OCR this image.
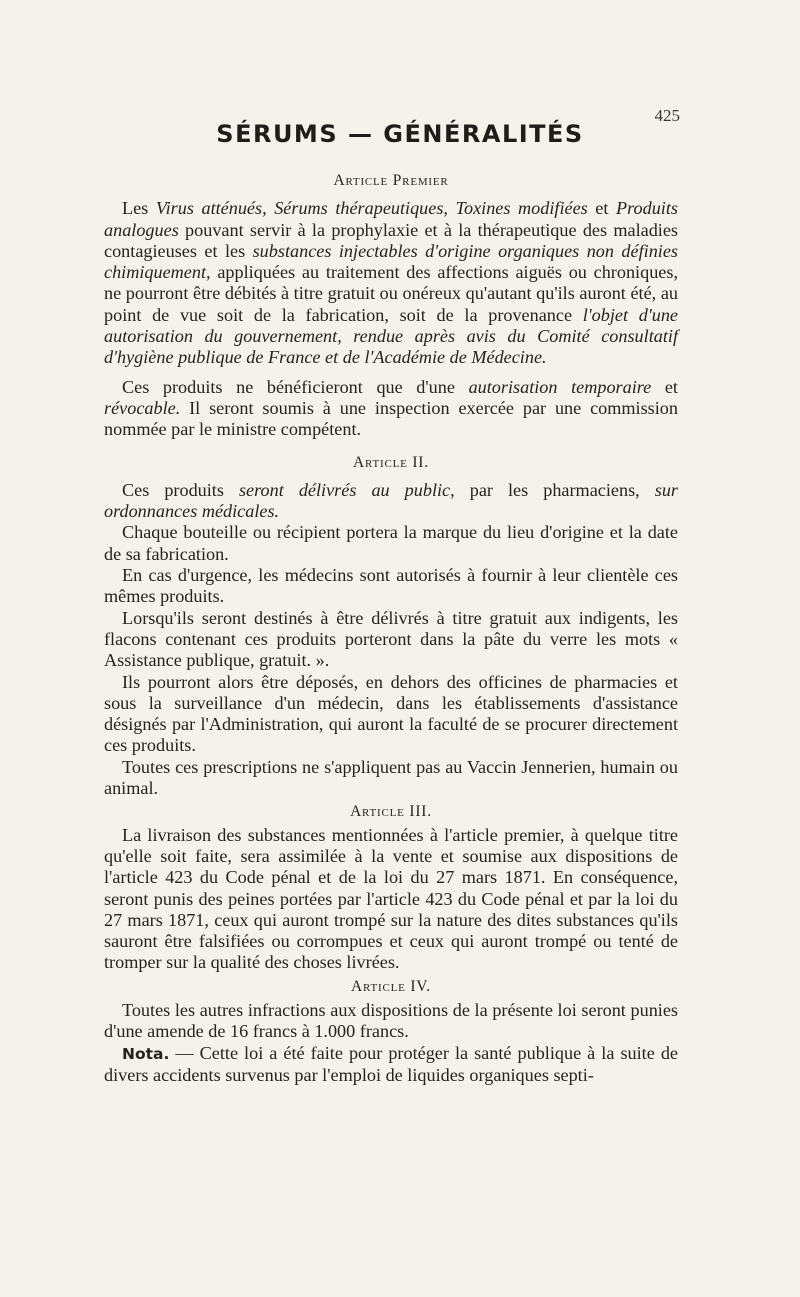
425
SÉRUMS — GÉNÉRALITÉS
Article Premier

Les Virus atténués, Sérums thérapeutiques, Toxines modifiées et Produits analogues pouvant servir à la prophylaxie et à la thérapeutique des maladies contagieuses et les substances injectables d'origine organiques non définies chimiquement, appliquées au traitement des affections aiguës ou chroniques, ne pourront être débités à titre gratuit ou onéreux qu'autant qu'ils auront été, au point de vue soit de la fabrication, soit de la provenance l'objet d'une autorisation du gouvernement, rendue après avis du Comité consultatif d'hygiène publique de France et de l'Académie de Médecine.

Ces produits ne bénéficieront que d'une autorisation temporaire et révocable. Il seront soumis à une inspection exercée par une commission nommée par le ministre compétent.

Article II.

Ces produits seront délivrés au public, par les pharmaciens, sur ordonnances médicales.

Chaque bouteille ou récipient portera la marque du lieu d'origine et la date de sa fabrication.

En cas d'urgence, les médecins sont autorisés à fournir à leur clientèle ces mêmes produits.

Lorsqu'ils seront destinés à être délivrés à titre gratuit aux indigents, les flacons contenant ces produits porteront dans la pâte du verre les mots « Assistance publique, gratuit. ».

Ils pourront alors être déposés, en dehors des officines de pharmacies et sous la surveillance d'un médecin, dans les établissements d'assistance désignés par l'Administration, qui auront la faculté de se procurer directement ces produits.

Toutes ces prescriptions ne s'appliquent pas au Vaccin Jennerien, humain ou animal.

Article III.

La livraison des substances mentionnées à l'article premier, à quelque titre qu'elle soit faite, sera assimilée à la vente et soumise aux dispositions de l'article 423 du Code pénal et de la loi du 27 mars 1871. En conséquence, seront punis des peines portées par l'article 423 du Code pénal et par la loi du 27 mars 1871, ceux qui auront trompé sur la nature des dites substances qu'ils sauront être falsifiées ou corrompues et ceux qui auront trompé ou tenté de tromper sur la qualité des choses livrées.

Article IV.

Toutes les autres infractions aux dispositions de la présente loi seront punies d'une amende de 16 francs à 1.000 francs.

Nota. — Cette loi a été faite pour protéger la santé publique à la suite de divers accidents survenus par l'emploi de liquides organiques septi-
